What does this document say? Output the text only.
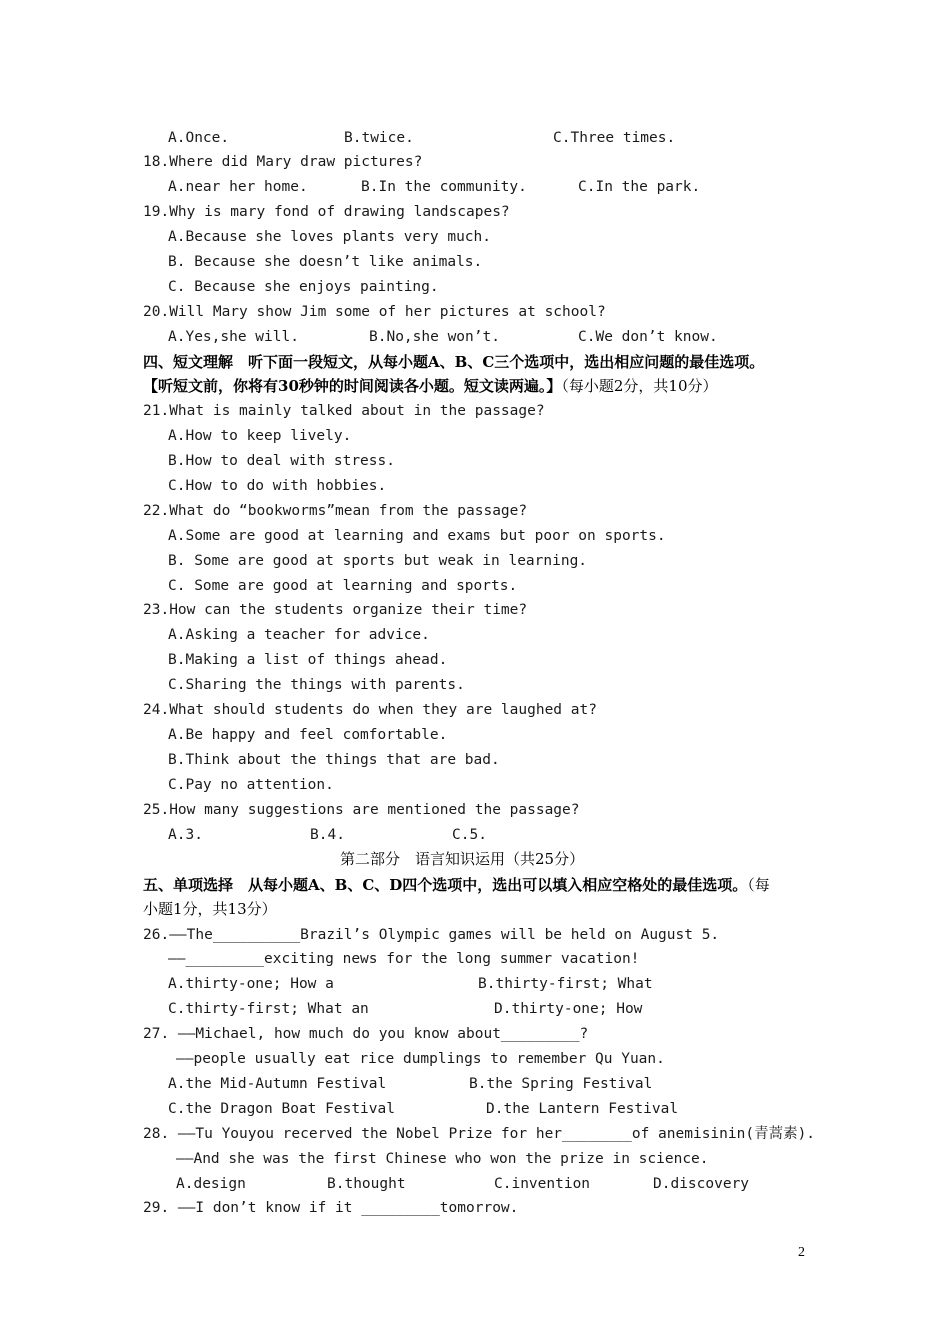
A.Once.	B.twice.	C.Three times.
18.Where did Mary draw pictures?
A.near her home.	B.In the community.	C.In the park.
19.Why is mary fond of drawing landscapes?
A.Because she loves plants very much.
B. Because she doesn’t like animals.
C. Because she enjoys painting.
20.Will Mary show Jim some of her pictures at school?
A.Yes,she will.	B.No,she won’t.	C.We don’t know.
四、短文理解　听下面一段短文，从每小题A、B、C三个选项中，选出相应问题的最佳选项。
【听短文前，你将有30秒钟的时间阅读各小题。短文读两遍。】（每小题2分，共10分）
21.What is mainly talked about in the passage?
A.How to keep lively.
B.How to deal with stress.
C.How to do with hobbies.
22.What do “bookworms”mean from the passage?
A.Some are good at learning and exams but poor on sports.
B. Some are good at sports but weak in learning.
C. Some are good at learning and sports.
23.How can the students organize their time?
A.Asking a teacher for advice.
B.Making a list of things ahead.
C.Sharing the things with parents.
24.What should students do when they are laughed at?
A.Be happy and feel comfortable.
B.Think about the things that are bad.
C.Pay no attention.
25.How many suggestions are mentioned the passage?
A.3.	B.4.	C.5.
第二部分　语言知识运用（共25分）
五、单项选择　从每小题A、B、C、D四个选项中，选出可以填入相应空格处的最佳选项。（每
小题1分，共13分）
26.——The__________Brazil’s Olympic games will be held on August 5.
——_________exciting news for the long summer vacation!
A.thirty-one; How a	B.thirty-first; What
C.thirty-first; What an	D.thirty-one; How
27. ——Michael, how much do you know about_________?
——people usually eat rice dumplings to remember Qu Yuan.
A.the Mid-Autumn Festival	B.the Spring Festival
C.the Dragon Boat Festival	D.the Lantern Festival
28. ——Tu Youyou recerved the Nobel Prize for her________of anemisinin(青蒿素).
——And she was the first Chinese who won the prize in science.
A.design	B.thought	C.invention	D.discovery
29. ——I don’t know if it _________tomorrow.
2
